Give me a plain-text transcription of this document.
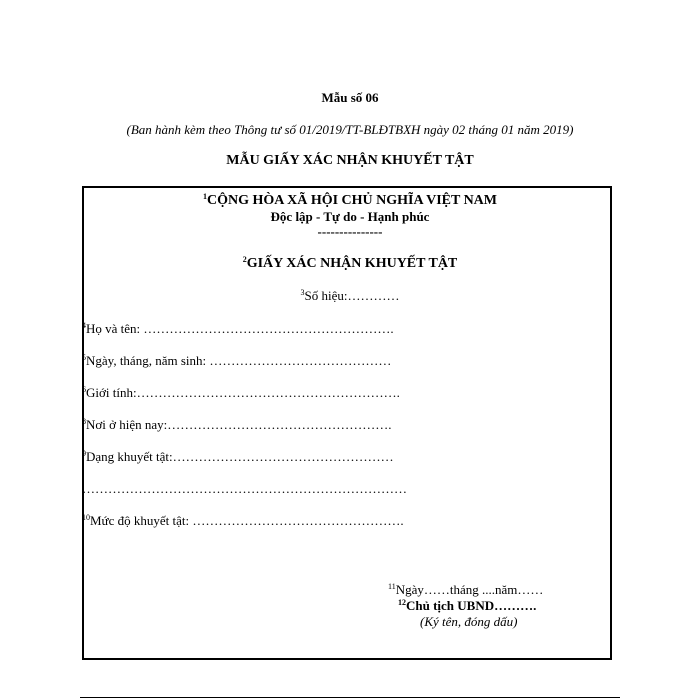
Mẫu số 06
(Ban hành kèm theo Thông tư số 01/2019/TT-BLĐTBXH ngày 02 tháng 01 năm 2019)
MẪU GIẤY XÁC NHẬN KHUYẾT TẬT
$^1$CỘNG HÒA XÃ HỘI CHỦ NGHĨA VIỆT NAM
Độc lập - Tự do - Hạnh phúc
---------------
$^2$GIẤY XÁC NHẬN KHUYẾT TẬT
$^3$Số hiệu:…………
$^4$Họ và tên: ………………………………………………….
$^5$Ngày, tháng, năm sinh: ……………………………………
$^6$Giới tính:…………………………………………………….
$^8$Nơi ở hiện nay:…………………………………………….
$^9$Dạng khuyết tật:……………………………………………
…………………………………………………………………
$^{10}$Mức độ khuyết tật: ………………………………………….
$^{11}$Ngày……tháng ....năm……
$^{12}$Chủ tịch UBND……….
(Ký tên, đóng dấu)
